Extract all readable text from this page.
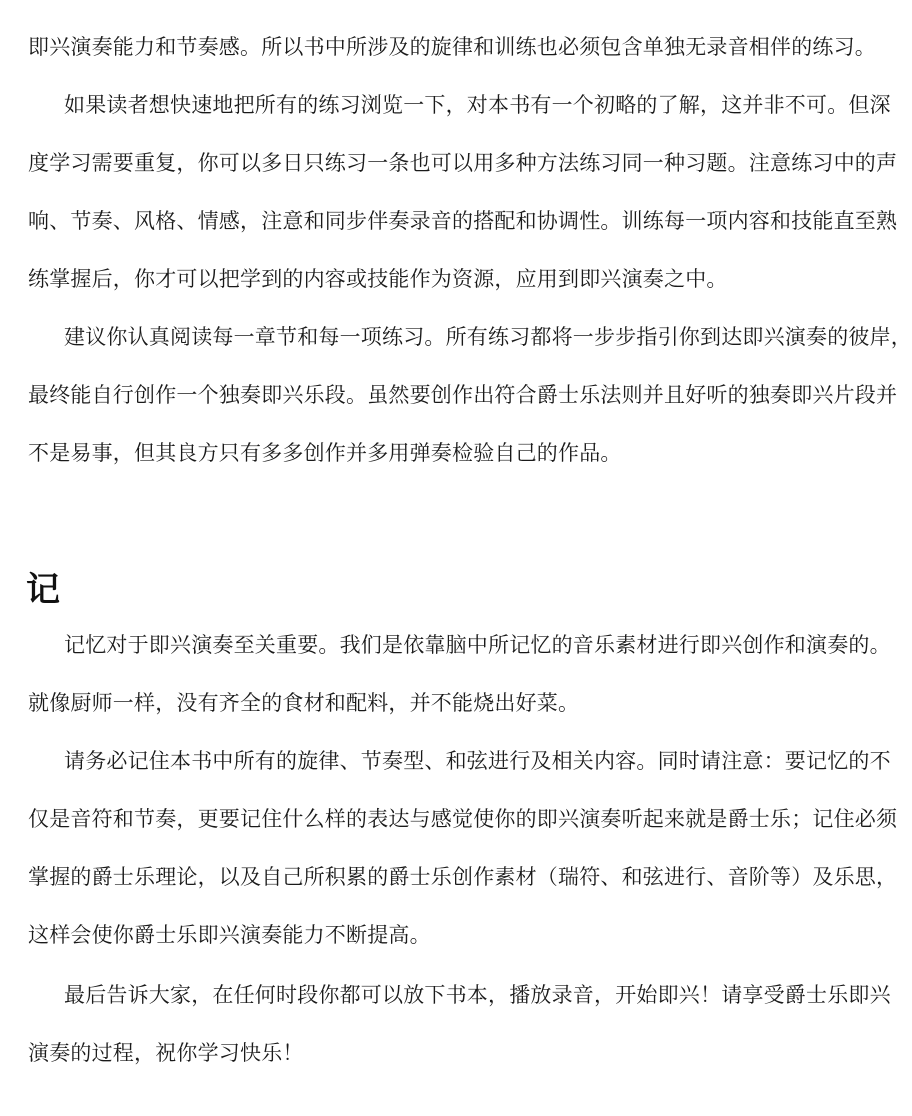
即兴演奏能力和节奏感。所以书中所涉及的旋律和训练也必须包含单独无录音相伴的练习。
如果读者想快速地把所有的练习浏览一下，对本书有一个初略的了解，这并非不可。但深
度学习需要重复，你可以多日只练习一条也可以用多种方法练习同一种习题。注意练习中的声
响、节奏、风格、情感，注意和同步伴奏录音的搭配和协调性。训练每一项内容和技能直至熟
练掌握后，你才可以把学到的内容或技能作为资源，应用到即兴演奏之中。
建议你认真阅读每一章节和每一项练习。所有练习都将一步步指引你到达即兴演奏的彼岸，
最终能自行创作一个独奏即兴乐段。虽然要创作出符合爵士乐法则并且好听的独奏即兴片段并
不是易事，但其良方只有多多创作并多用弹奏检验自己的作品。
记
记忆对于即兴演奏至关重要。我们是依靠脑中所记忆的音乐素材进行即兴创作和演奏的。
就像厨师一样，没有齐全的食材和配料，并不能烧出好菜。
请务必记住本书中所有的旋律、节奏型、和弦进行及相关内容。同时请注意：要记忆的不
仅是音符和节奏，更要记住什么样的表达与感觉使你的即兴演奏听起来就是爵士乐；记住必须
掌握的爵士乐理论，以及自己所积累的爵士乐创作素材（瑞符、和弦进行、音阶等）及乐思，
这样会使你爵士乐即兴演奏能力不断提高。
最后告诉大家，在任何时段你都可以放下书本，播放录音，开始即兴！请享受爵士乐即兴
演奏的过程，祝你学习快乐！
